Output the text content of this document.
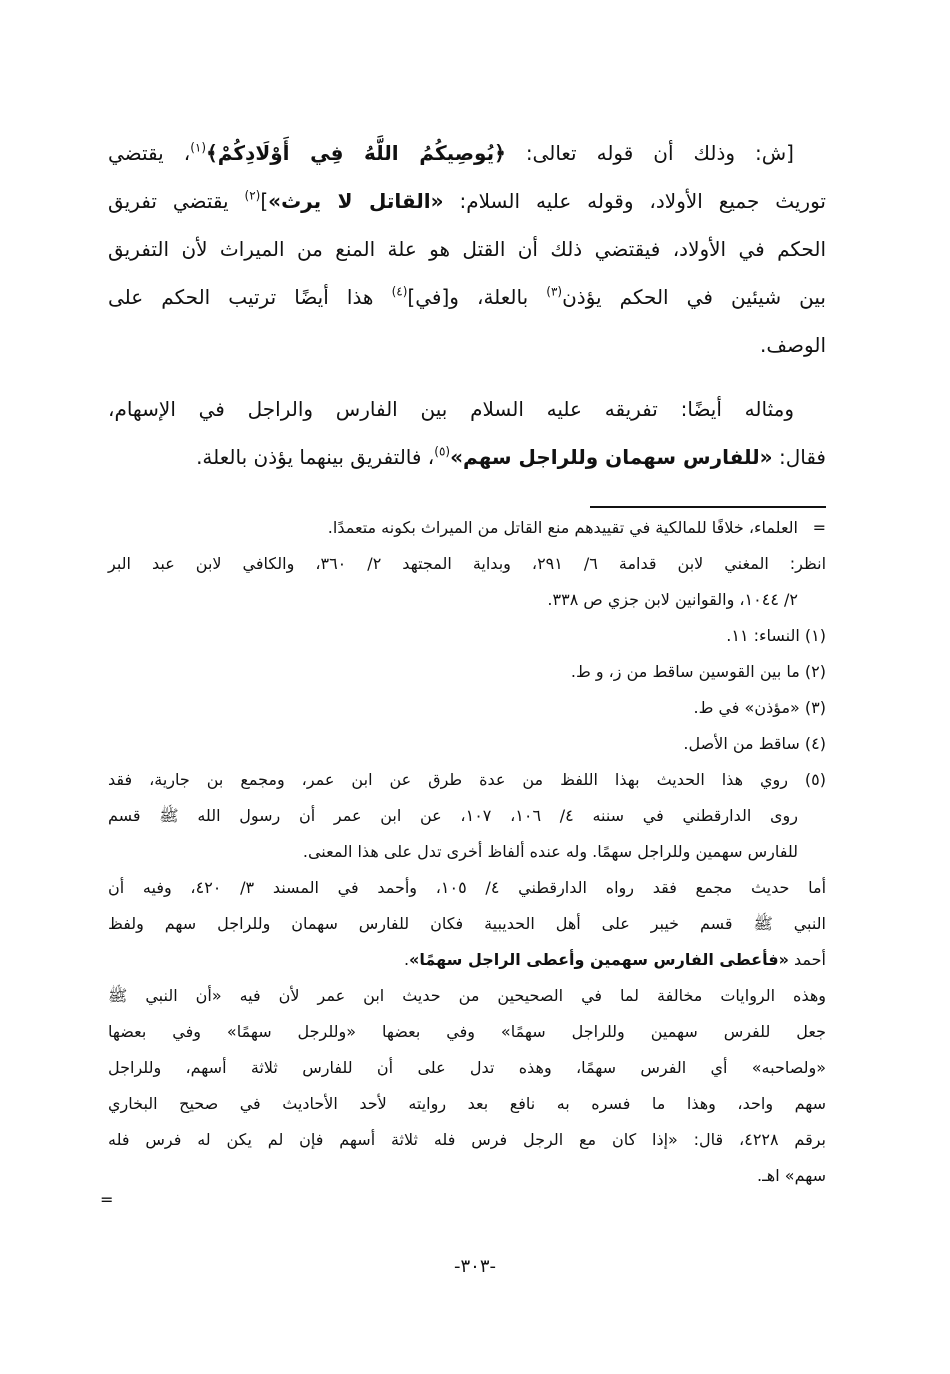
[ش: وذلك أن قوله تعالى: ﴿يُوصِيكُمُ اللَّهُ فِي أَوْلَادِكُمْ﴾$^{(١)}$، يقتضي
توريث جميع الأولاد، وقوله عليه السلام: «القاتل لا يرث»]$^{(٢)}$ يقتضي تفريق
الحكم في الأولاد، فيقتضي ذلك أن القتل هو علة المنع من الميراث لأن التفريق
بين شيئين في الحكم يؤذن$^{(٣)}$ بالعلة، و[في]$^{(٤)}$ هذا أيضًا ترتيب الحكم على
الوصف.
ومثاله أيضًا: تفريقه عليه السلام بين الفارس والراجل في الإسهام،
فقال: «للفارس سهمان وللراجل سهم»$^{(٥)}$، فالتفريق بينهما يؤذن بالعلة.
=
العلماء، خلافًا للمالكية في تقييدهم منع القاتل من الميراث بكونه متعمدًا.
انظر: المغني لابن قدامة ٦/ ٢٩١، وبداية المجتهد ٢/ ٣٦٠، والكافي لابن عبد البر
٢/ ١٠٤٤، والقوانين لابن جزي ص ٣٣٨.
(١) النساء: ١١.
(٢) ما بين القوسين ساقط من ز، و ط.
(٣) «مؤذن» في ط.
(٤) ساقط من الأصل.
(٥) روي هذا الحديث بهذا اللفظ من عدة طرق عن ابن عمر، ومجمع بن جارية، فقد
روى الدارقطني في سننه ٤/ ١٠٦، ١٠٧، عن ابن عمر أن رسول الله ﷺ قسم
للفارس سهمين وللراجل سهمًا. وله عنده ألفاظ أخرى تدل على هذا المعنى.
أما حديث مجمع فقد رواه الدارقطني ٤/ ١٠٥، وأحمد في المسند ٣/ ٤٢٠، وفيه أن
النبي ﷺ قسم خيبر على أهل الحديبية فكان للفارس سهمان وللراجل سهم ولفظ
أحمد «فأعطى الفارس سهمين وأعطى الراجل سهمًا».
وهذه الروايات مخالفة لما في الصحيحين من حديث ابن عمر لأن فيه «أن النبي ﷺ
جعل للفرس سهمين وللراجل سهمًا» وفي بعضها «وللرجل سهمًا» وفي بعضها
«ولصاحبه» أي الفرس سهمًا، وهذه تدل على أن للفارس ثلاثة أسهم، وللراجل
سهم واحد، وهذا ما فسره به نافع بعد روايته لأحد الأحاديث في صحيح البخاري
برقم ٤٢٢٨، قال: «إذا كان مع الرجل فرس فله ثلاثة أسهم فإن لم يكن له فرس فله
سهم» اهـ.
=
-٣٠٣-
